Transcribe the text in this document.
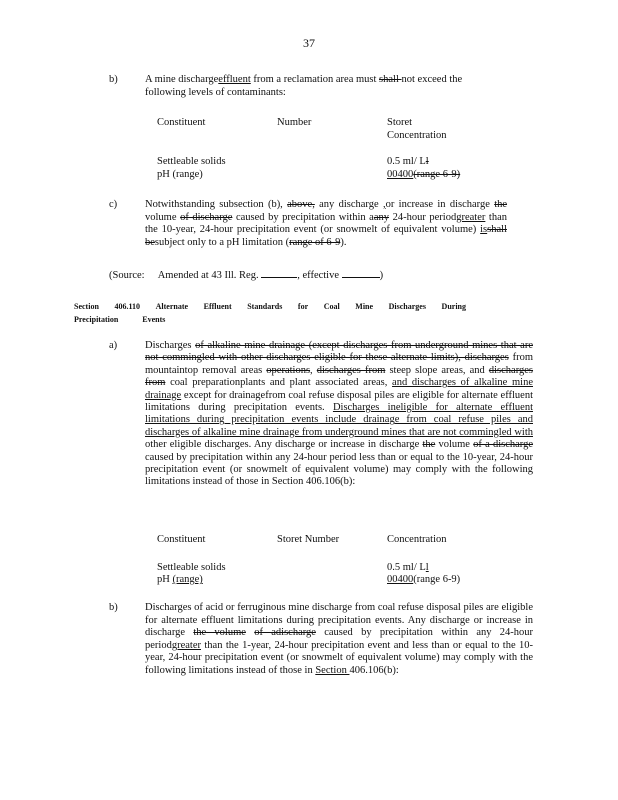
37
b)	A mine dischargeeffluent from a reclamation area must shall not exceed the
following levels of contaminants:
Constituent	Number	Storet
Concentration

Settleable solids		0.5 ml/ Ll
pH (range)		00400(range 6-9)
c)	Notwithstanding subsection (b), above, any discharge ,or increase in discharge the volume of discharge caused by precipitation within aany 24-hour periodgreater than the 10-year, 24-hour precipitation event (or snowmelt of equivalent volume) isshall besubject only to a pH limitation (range of 6-9).
(Source: Amended at 43 Ill. Reg.	, effective	)
Section 406.110 Alternate Effluent Standards for Coal Mine Discharges During
Precipitation	Events
a)	Discharges of alkaline mine drainage (except discharges from underground mines that are not commingled with other discharges eligible for these alternate limits), discharges from mountaintop removal areas operations, discharges from steep slope areas, and discharges from coal preparationplants and plant associated areas, and discharges of alkaline mine drainage except for drainagefrom coal refuse disposal piles are eligible for alternate effluent limitations during precipitation events. Discharges ineligible for alternate effluent limitations during precipitation events include drainage from coal refuse piles and discharges of alkaline mine drainage from underground mines that are not commingled with other eligible discharges. Any discharge or increase in discharge the volume of a discharge caused by precipitation within any 24-hour period less than or equal to the 10-year, 24-hour precipitation event (or snowmelt of equivalent volume) may comply with the following limitations instead of those in Section 406.106(b):
Constituent	Storet Number	Concentration

Settleable solids		0.5 ml/ Ll
pH (range)		00400(range 6-9)
b)	Discharges of acid or ferruginous mine discharge from coal refuse disposal piles are eligible for alternate effluent limitations during precipitation events. Any discharge or increase in discharge the volume of adischarge caused by precipitation within any 24-hour periodgreater than the 1-year, 24-hour precipitation event and less than or equal to the 10-year, 24-hour precipitation event (or snowmelt of equivalent volume) may comply with the following limitations instead of those in Section 406.106(b):
